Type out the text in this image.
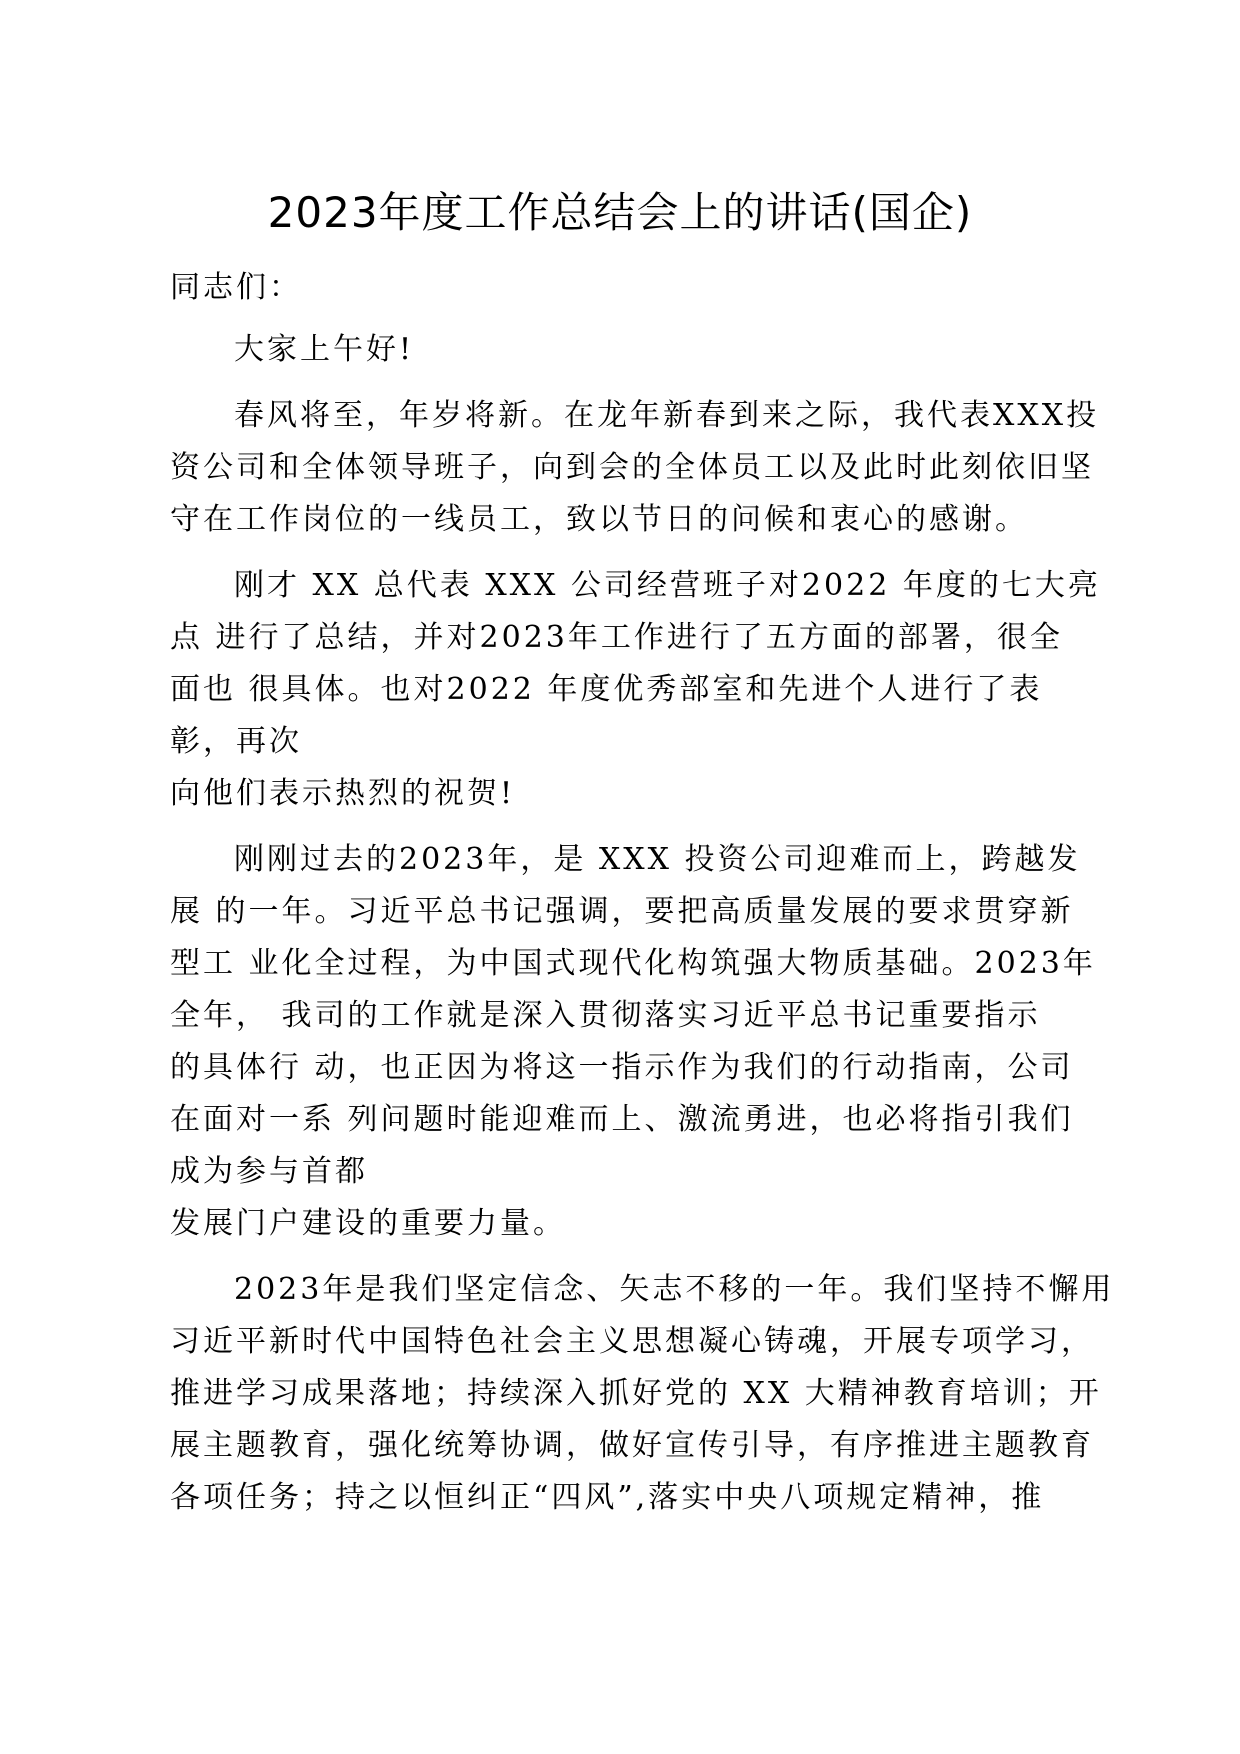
2023年度工作总结会上的讲话(国企)
同志们：
大家上午好!
春风将至，年岁将新。在龙年新春到来之际，我代表XXX投
资公司和全体领导班子，向到会的全体员工以及此时此刻依旧坚
守在工作岗位的一线员工，致以节日的问候和衷心的感谢。
刚才 XX 总代表 XXX 公司经营班子对2022 年度的七大亮
点 进行了总结，并对2023年工作进行了五方面的部署，很全
面也 很具体。也对2022 年度优秀部室和先进个人进行了表
彰，再次
向他们表示热烈的祝贺!
刚刚过去的2023年，是 XXX 投资公司迎难而上，跨越发
展 的一年。习近平总书记强调，要把高质量发展的要求贯穿新
型工 业化全过程，为中国式现代化构筑强大物质基础。2023年
全年， 我司的工作就是深入贯彻落实习近平总书记重要指示
的具体行 动，也正因为将这一指示作为我们的行动指南，公司
在面对一系 列问题时能迎难而上、激流勇进，也必将指引我们
成为参与首都
发展门户建设的重要力量。
2023年是我们坚定信念、矢志不移的一年。我们坚持不懈用
习近平新时代中国特色社会主义思想凝心铸魂，开展专项学习，
推进学习成果落地；持续深入抓好党的 XX 大精神教育培训；开
展主题教育，强化统筹协调，做好宣传引导，有序推进主题教育
各项任务；持之以恒纠正“四风”,落实中央八项规定精神，推
